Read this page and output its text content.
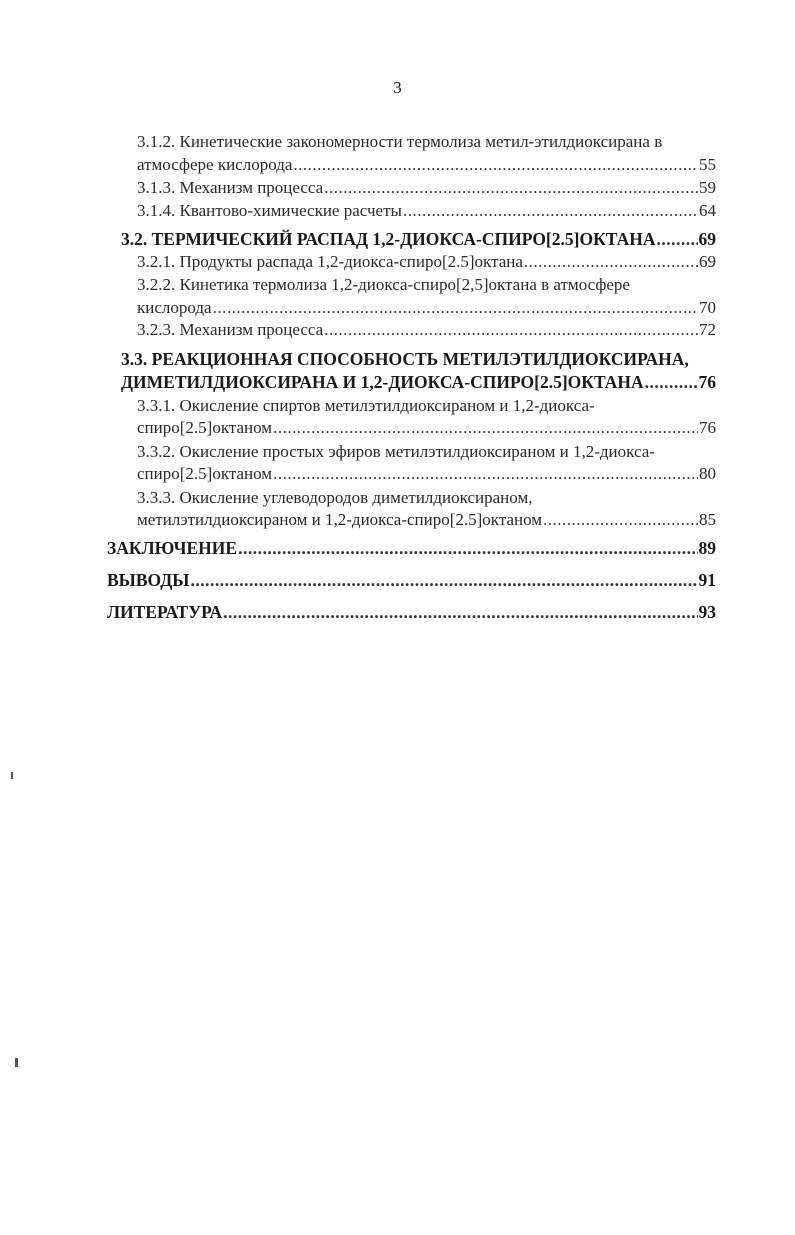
3
3.1.2. Кинетические закономерности термолиза метил-этилдиоксирана в
атмосфере кислорода .....	55
3.1.3. Механизм процесса .....	59
3.1.4. Квантово-химические расчеты .....	64
3.2. ТЕРМИЧЕСКИЙ РАСПАД 1,2-ДИОКСА-СПИРО[2.5]ОКТАНА ..... 69
3.2.1. Продукты распада 1,2-диокса-спиро[2.5]октана .....	69
3.2.2. Кинетика термолиза 1,2-диокса-спиро[2,5]октана в атмосфере
кислорода .....	70
3.2.3. Механизм процесса .....	72
3.3. РЕАКЦИОННАЯ СПОСОБНОСТЬ МЕТИЛЭТИЛДИОКСИРАНА,
ДИМЕТИЛДИОКСИРАНА И 1,2-ДИОКСА-СПИРО[2.5]ОКТАНА .....	76
3.3.1. Окисление спиртов метилэтилдиоксираном и 1,2-диокса-
спиро[2.5]октаном .....	76
3.3.2. Окисление простых эфиров метилэтилдиоксираном и 1,2-диокса-
спиро[2.5]октаном .....	80
3.3.3. Окисление углеводородов диметилдиоксираном,
метилэтилдиоксираном и 1,2-диокса-спиро[2.5]октаном .....	85
ЗАКЛЮЧЕНИЕ .....	89
ВЫВОДЫ .....	91
ЛИТЕРАТУРА .....	93
